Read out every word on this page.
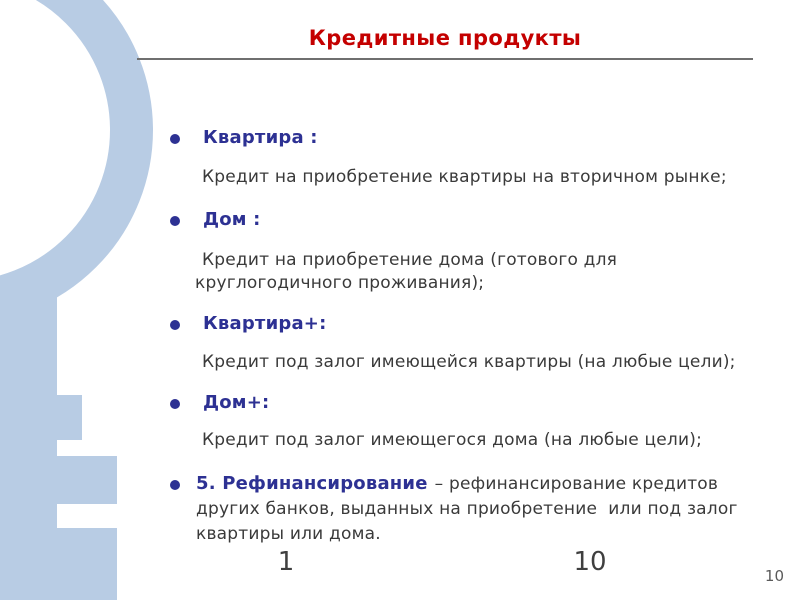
Кредитные продукты
Квартира :
Кредит на приобретение квартиры на вторичном рынке;
Дом :
Кредит на приобретение дома (готового для
круглогодичного проживания);
Квартира+:
Кредит под залог имеющейся квартиры (на любые цели);
Дом+:
Кредит под залог имеющегося дома (на любые цели);
5. Рефинансирование – рефинансирование кредитов
других банков, выданных на приобретение  или под залог
квартиры или дома.
1	10	10
